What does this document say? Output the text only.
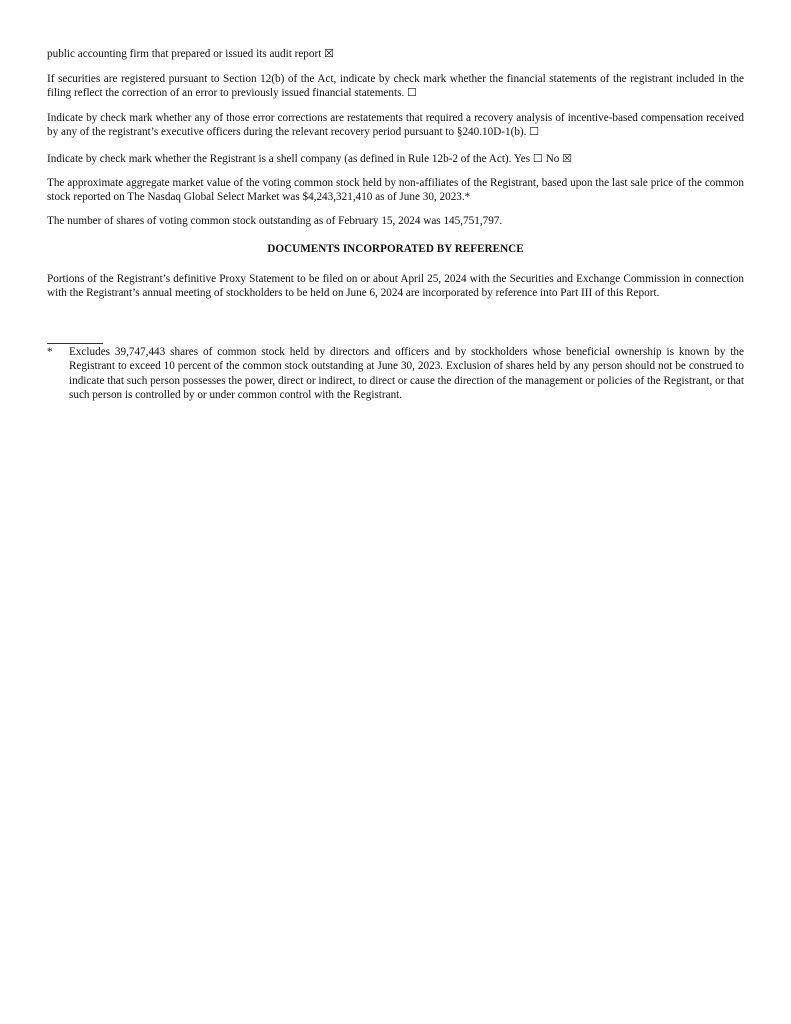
public accounting firm that prepared or issued its audit report ☒

If securities are registered pursuant to Section 12(b) of the Act, indicate by check mark whether the financial statements of the registrant included in the filing reflect the correction of an error to previously issued financial statements. ☐

Indicate by check mark whether any of those error corrections are restatements that required a recovery analysis of incentive-based compensation received by any of the registrant’s executive officers during the relevant recovery period pursuant to §240.10D-1(b). ☐

Indicate by check mark whether the Registrant is a shell company (as defined in Rule 12b-2 of the Act). Yes ☐ No ☒

The approximate aggregate market value of the voting common stock held by non-affiliates of the Registrant, based upon the last sale price of the common stock reported on The Nasdaq Global Select Market was $4,243,321,410 as of June 30, 2023.*

The number of shares of voting common stock outstanding as of February 15, 2024 was 145,751,797.

DOCUMENTS INCORPORATED BY REFERENCE

Portions of the Registrant’s definitive Proxy Statement to be filed on or about April 25, 2024 with the Securities and Exchange Commission in connection with the Registrant’s annual meeting of stockholders to be held on June 6, 2024 are incorporated by reference into Part III of this Report.

*	Excludes 39,747,443 shares of common stock held by directors and officers and by stockholders whose beneficial ownership is known by the Registrant to exceed 10 percent of the common stock outstanding at June 30, 2023. Exclusion of shares held by any person should not be construed to indicate that such person possesses the power, direct or indirect, to direct or cause the direction of the management or policies of the Registrant, or that such person is controlled by or under common control with the Registrant.
